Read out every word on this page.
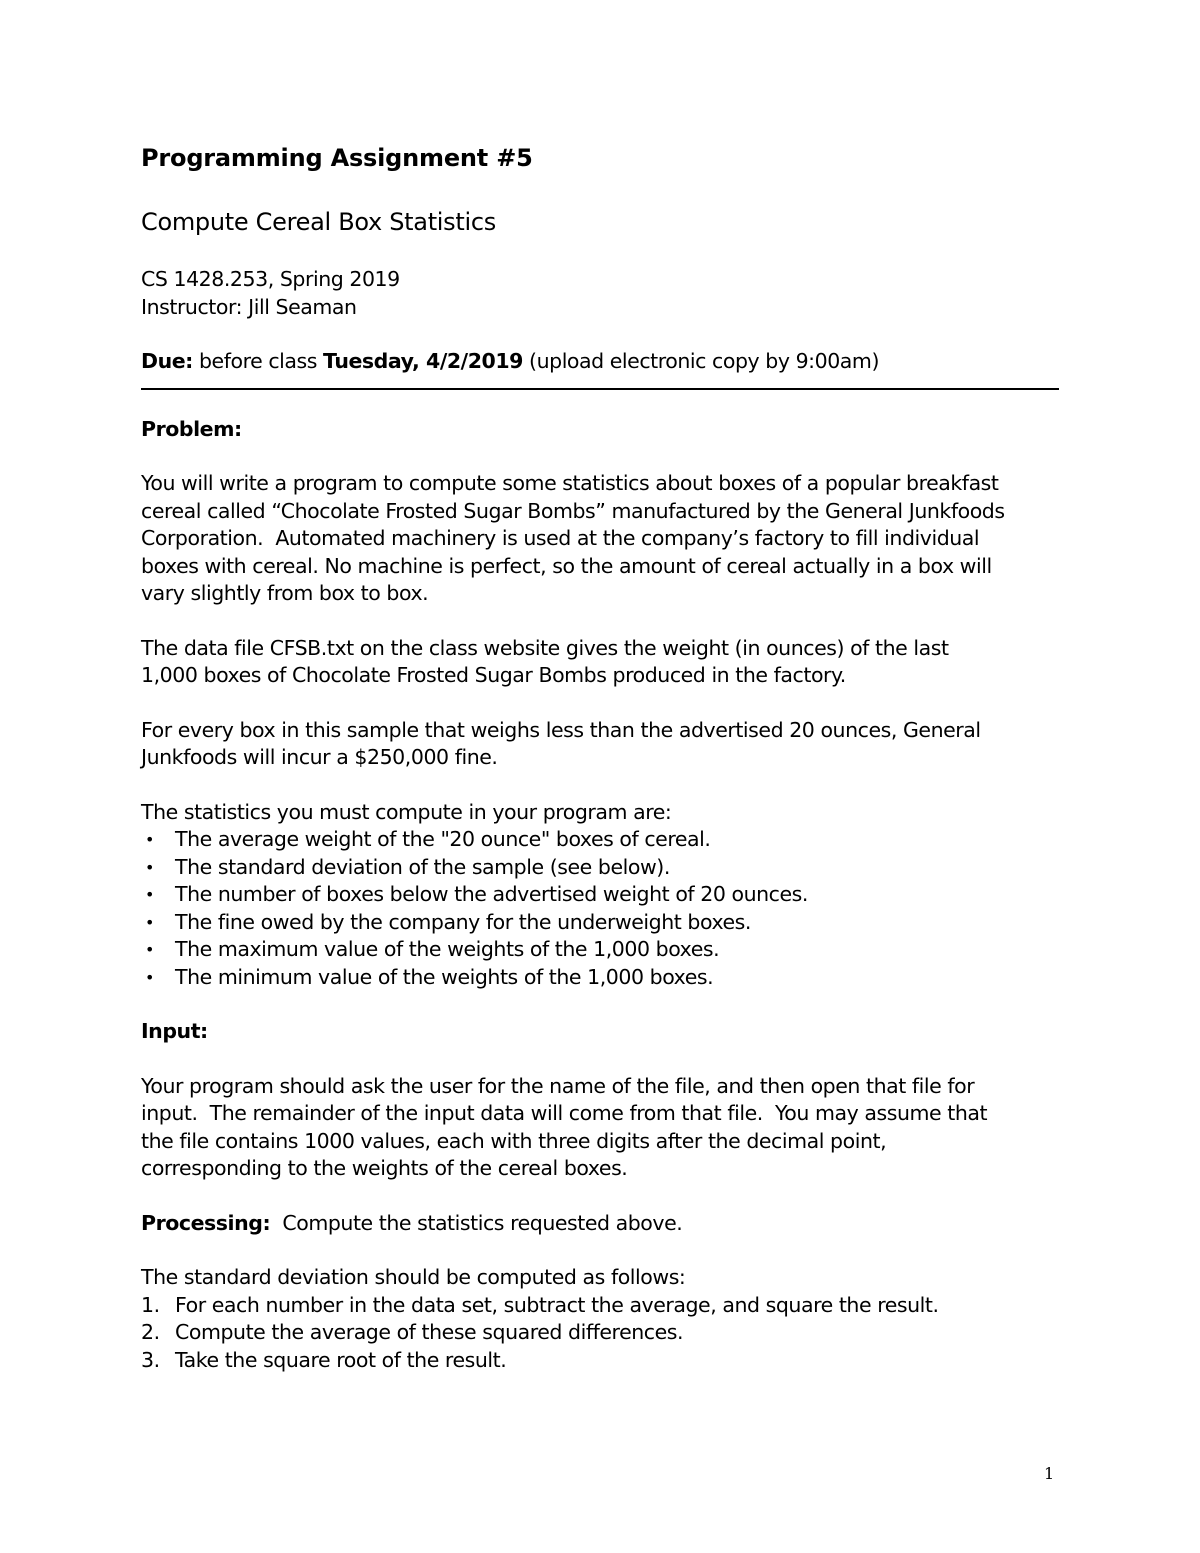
Programming Assignment #5

Compute Cereal Box Statistics

CS 1428.253, Spring 2019

Instructor: Jill Seaman

Due: before class Tuesday, 4/2/2019 (upload electronic copy by 9:00am)

Problem:

You will write a program to compute some statistics about boxes of a popular breakfast

cereal called “Chocolate Frosted Sugar Bombs” manufactured by the General Junkfoods

Corporation.  Automated machinery is used at the company’s factory to fill individual

boxes with cereal. No machine is perfect, so the amount of cereal actually in a box will

vary slightly from box to box.

The data file CFSB.txt on the class website gives the weight (in ounces) of the last

1,000 boxes of Chocolate Frosted Sugar Bombs produced in the factory.

For every box in this sample that weighs less than the advertised 20 ounces, General

Junkfoods will incur a $250,000 fine.

The statistics you must compute in your program are:

• The average weight of the "20 ounce" boxes of cereal.
• The standard deviation of the sample (see below).
• The number of boxes below the advertised weight of 20 ounces.
• The fine owed by the company for the underweight boxes.
• The maximum value of the weights of the 1,000 boxes.
• The minimum value of the weights of the 1,000 boxes.

Input:

Your program should ask the user for the name of the file, and then open that file for

input.  The remainder of the input data will come from that file.  You may assume that

the file contains 1000 values, each with three digits after the decimal point,

corresponding to the weights of the cereal boxes.

Processing:  Compute the statistics requested above.

The standard deviation should be computed as follows:

1. For each number in the data set, subtract the average, and square the result.
2. Compute the average of these squared differences.
3. Take the square root of the result.
1
